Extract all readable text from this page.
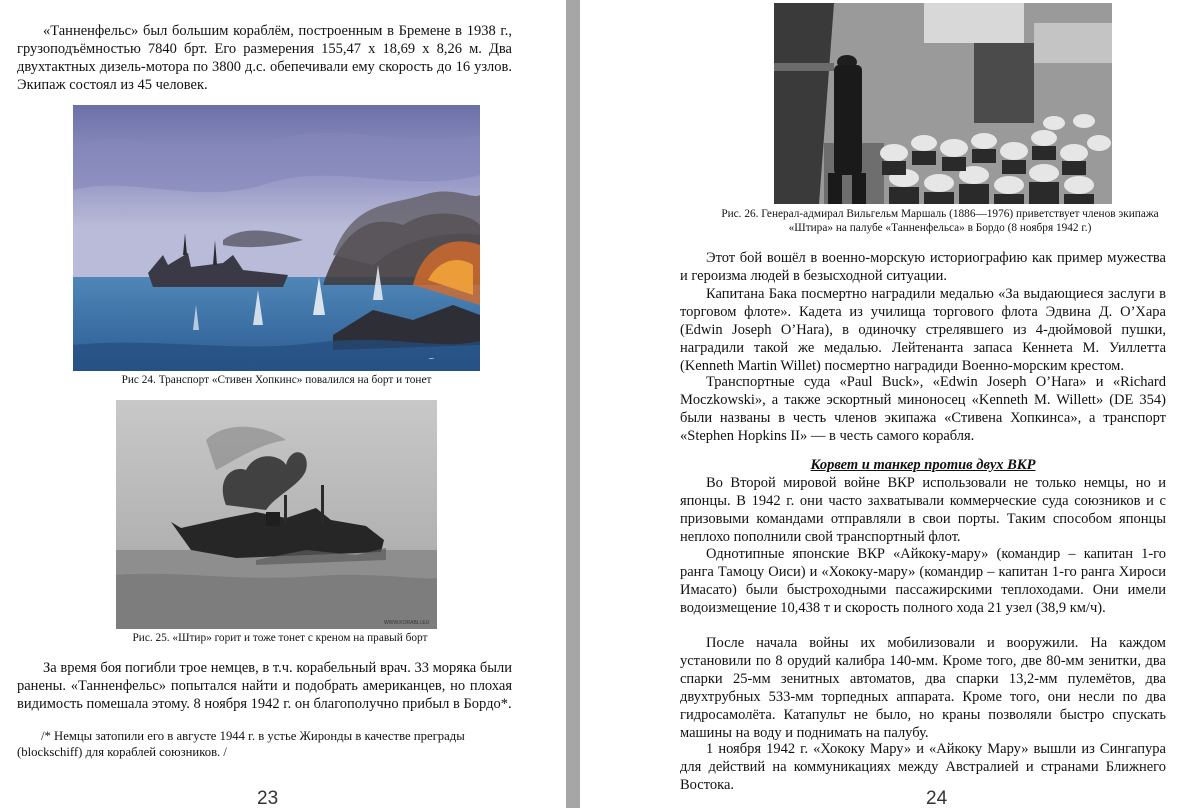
«Танненфельс» был большим кораблём, построенным в Бремене в 1938 г., грузоподъёмностью 7840 брт. Его размерения 155,47 х 18,69 х 8,26 м. Два двухтактных дизель-мотора по 3800 д.с. обепечивали ему скорость до 16 узлов. Экипаж состоял из 45 человек.

∽

Рис 24. Транспорт «Стивен Хопкинс» повалился на борт и тонет

WWW.KORABLI.EU

Рис. 25. «Штир» горит и тоже тонет с креном на правый борт

За время боя погибли трое немцев, в т.ч. корабельный врач. 33 моряка были ранены. «Танненфельс» попытался найти и подобрать американцев, но плохая видимость помешала этому. 8 ноября 1942 г. он благополучно прибыл в Бордо*.

/* Немцы затопили его в августе 1944 г. в устье Жиронды в качестве преграды (blockschiff) для кораблей союзников. /

23

Рис. 26. Генерал-адмирал Вильгельм Маршаль (1886—1976) приветствует членов экипажа «Штира» на палубе «Танненфельса» в Бордо (8 ноября 1942 г.)

Этот бой вошёл в военно-морскую историографию как пример мужества и героизма людей в безысходной ситуации.

Капитана Бака посмертно наградили медалью «За выдающиеся заслуги в торговом флоте». Кадета из училища торгового флота Эдвина Д. О’Хара (Edwin Joseph O’Hara), в одиночку стрелявшего из 4-дюймовой пушки, наградили такой же медалью. Лейтенанта запаса Кеннета М. Уиллетта (Kenneth Martin Willet) посмертно наградиди Военно-морским крестом.

Транспортные суда «Paul Buck», «Edwin Joseph O’Hara» и «Richard Moczkowski», а также эскортный миноносец «Kenneth M. Willett» (DE 354) были названы в честь членов экипажа «Стивена Хопкинса», а транспорт «Stephen Hopkins II» — в честь самого корабля.

Корвет и танкер против двух ВКР

Во Второй мировой войне ВКР использовали не только немцы, но и японцы. В 1942 г. они часто захватывали коммерческие суда союзников и с призовыми командами отправляли в свои порты. Таким способом японцы неплохо пополнили свой транспортный флот.

Однотипные японские ВКР «Айкоку-мару» (командир – капитан 1-го ранга Тамоцу Оиси) и «Хококу-мару» (командир – капитан 1-го ранга Хироси Имасато) были быстроходными пассажирскими теплоходами. Они имели водоизмещение 10,438 т и скорость полного хода 21 узел (38,9 км/ч).

После начала войны их мобилизовали и вооружили. На каждом установили по 8 орудий калибра 140-мм. Кроме того, две 80-мм зенитки, два спарки 25-мм зенитных автоматов, два спарки 13,2-мм пулемётов, два двухтрубных 533-мм торпедных аппарата. Кроме того, они несли по два гидросамолёта. Катапульт не было, но краны позволяли быстро спускать машины на воду и поднимать на палубу.

1 ноября 1942 г. «Хококу Мару» и «Айкоку Мару» вышли из Сингапура для действий на коммуникациях между Австралией и странами Ближнего Востока.

24
